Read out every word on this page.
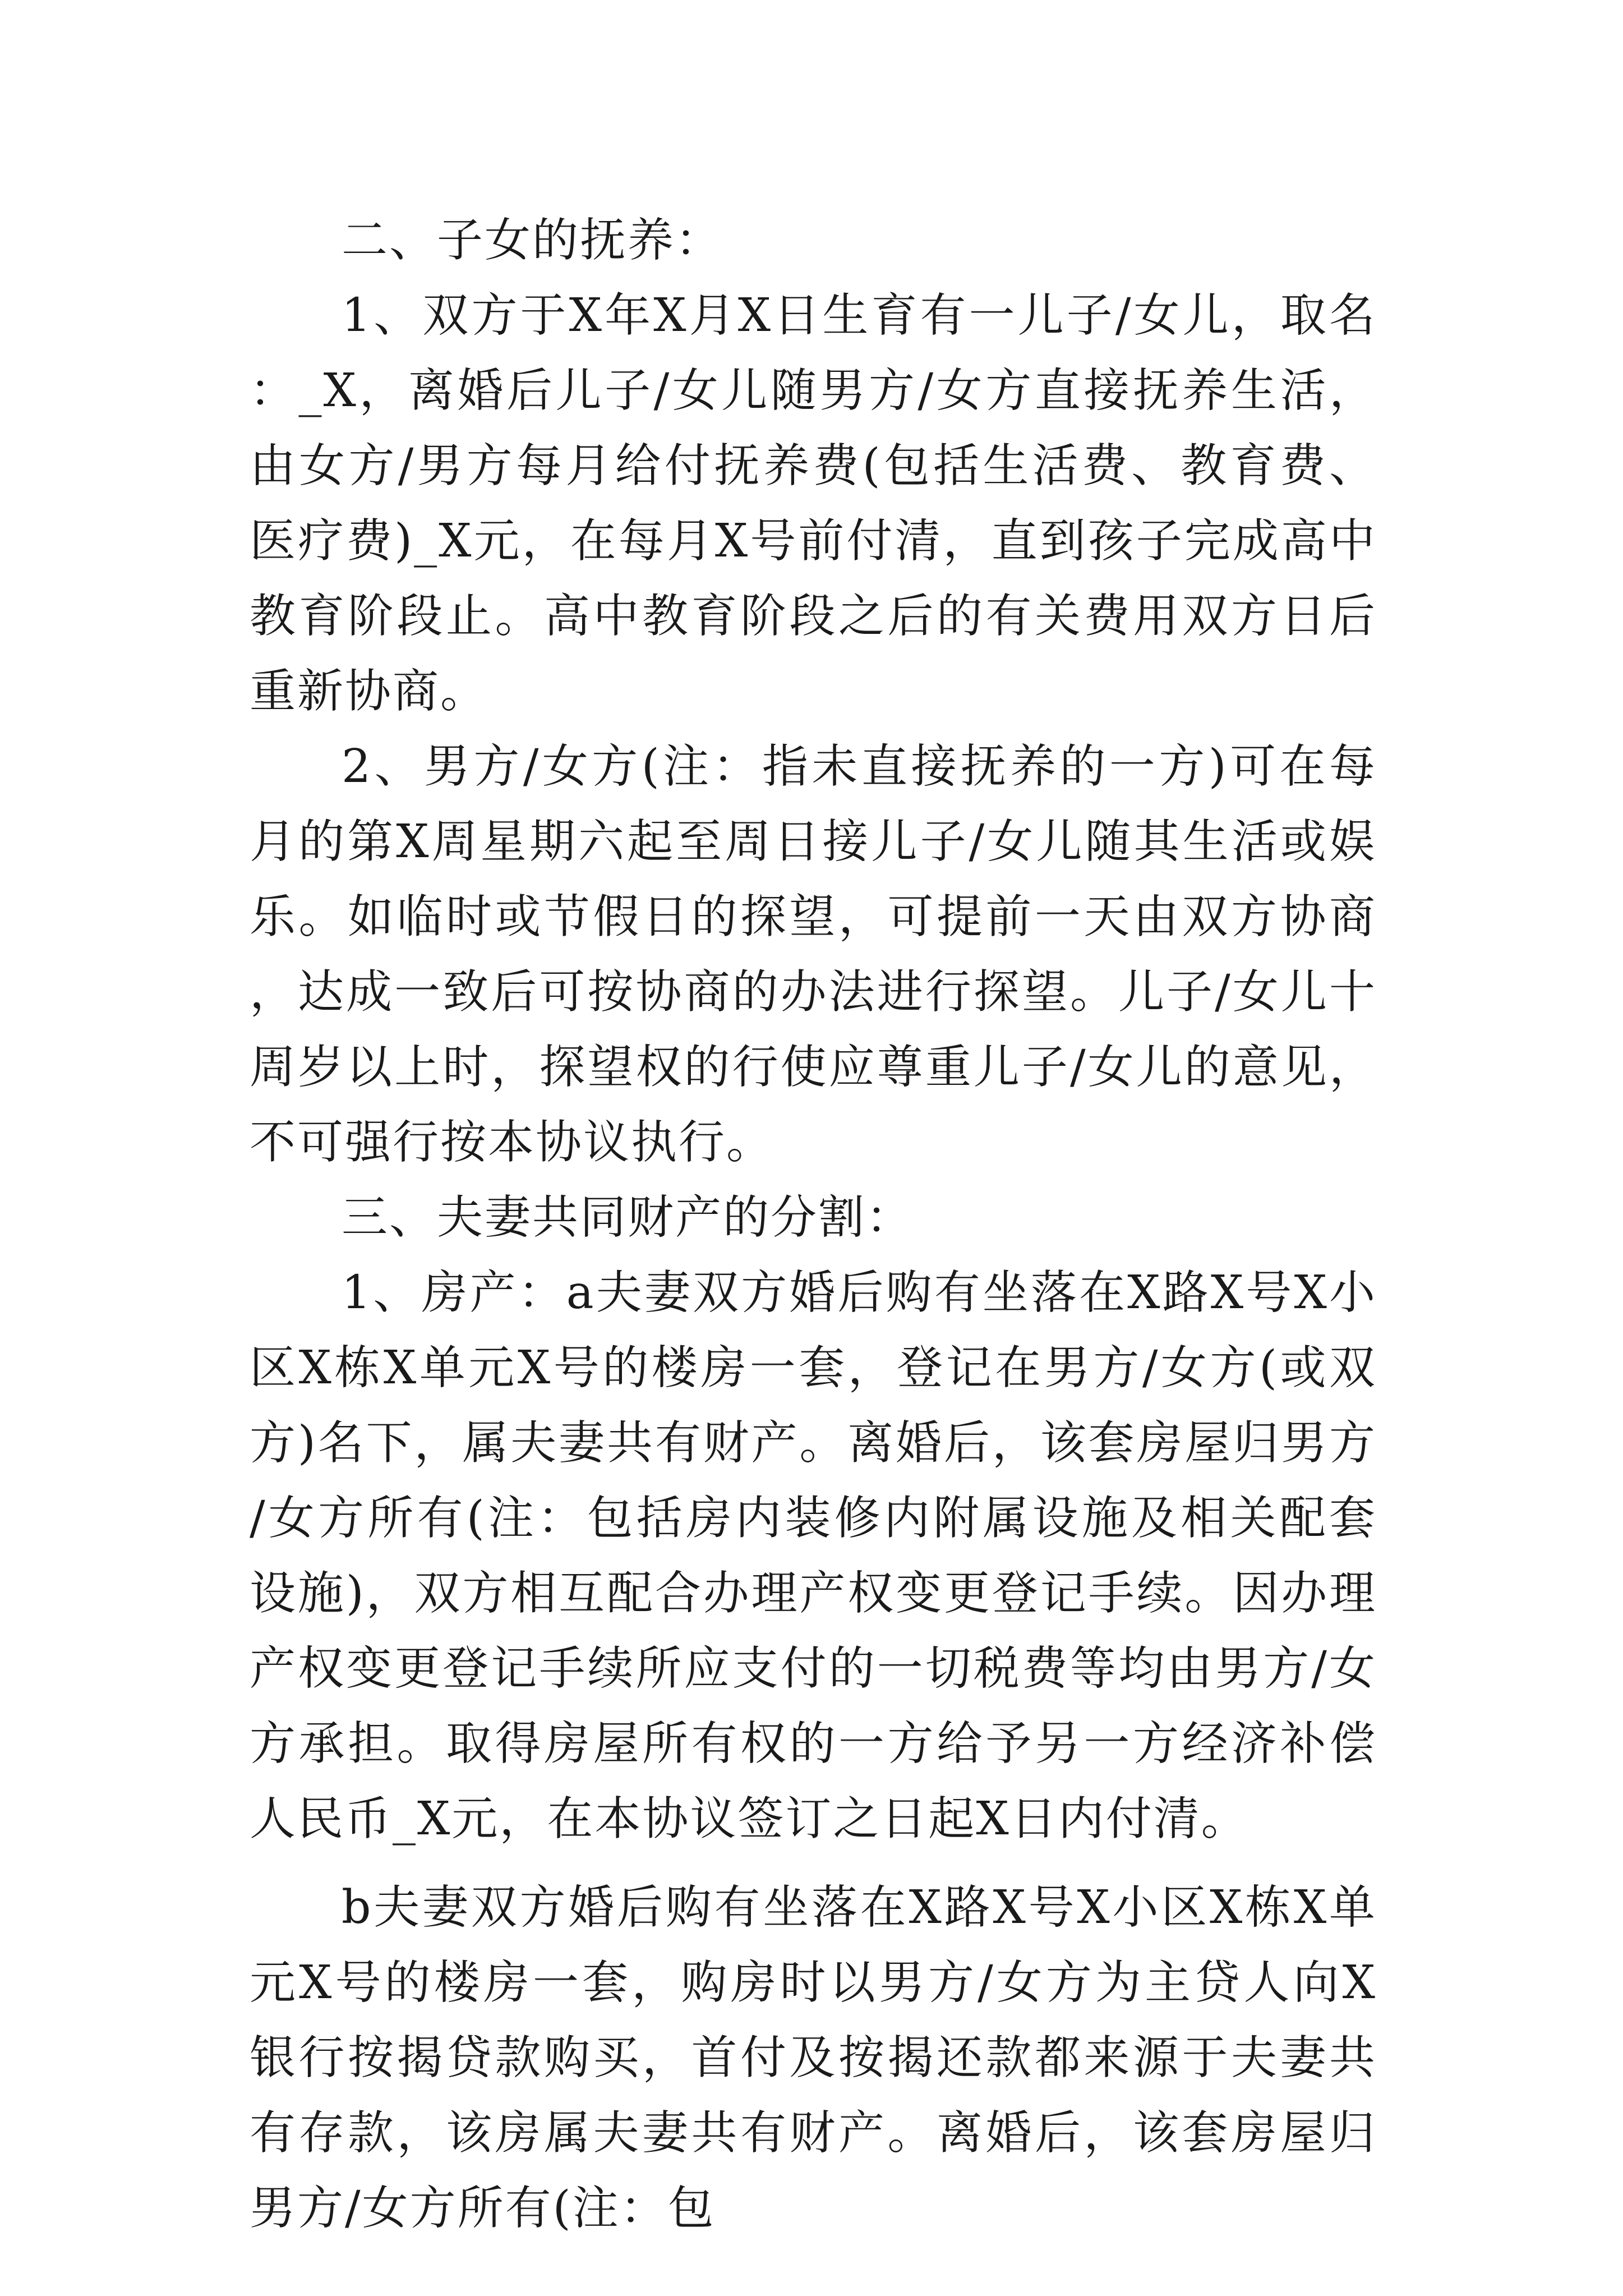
二、子女的抚养：

1、双方于X年X月X日生育有一儿子/女儿，取名：_X，离婚后儿子/女儿随男方/女方直接抚养生活，由女方/男方每月给付抚养费(包括生活费、教育费、医疗费)_X元，在每月X号前付清，直到孩子完成高中教育阶段止。高中教育阶段之后的有关费用双方日后重新协商。

2、男方/女方(注：指未直接抚养的一方)可在每月的第X周星期六起至周日接儿子/女儿随其生活或娱乐。如临时或节假日的探望，可提前一天由双方协商，达成一致后可按协商的办法进行探望。儿子/女儿十周岁以上时，探望权的行使应尊重儿子/女儿的意见，不可强行按本协议执行。

三、夫妻共同财产的分割：

1、房产：a夫妻双方婚后购有坐落在X路X号X小区X栋X单元X号的楼房一套，登记在男方/女方(或双方)名下，属夫妻共有财产。离婚后，该套房屋归男方/女方所有(注：包括房内装修内附属设施及相关配套设施)，双方相互配合办理产权变更登记手续。因办理产权变更登记手续所应支付的一切税费等均由男方/女方承担。取得房屋所有权的一方给予另一方经济补偿人民币_X元，在本协议签订之日起X日内付清。

b夫妻双方婚后购有坐落在X路X号X小区X栋X单元X号的楼房一套，购房时以男方/女方为主贷人向X银行按揭贷款购买，首付及按揭还款都来源于夫妻共有存款，该房属夫妻共有财产。离婚后，该套房屋归男方/女方所有(注：包
